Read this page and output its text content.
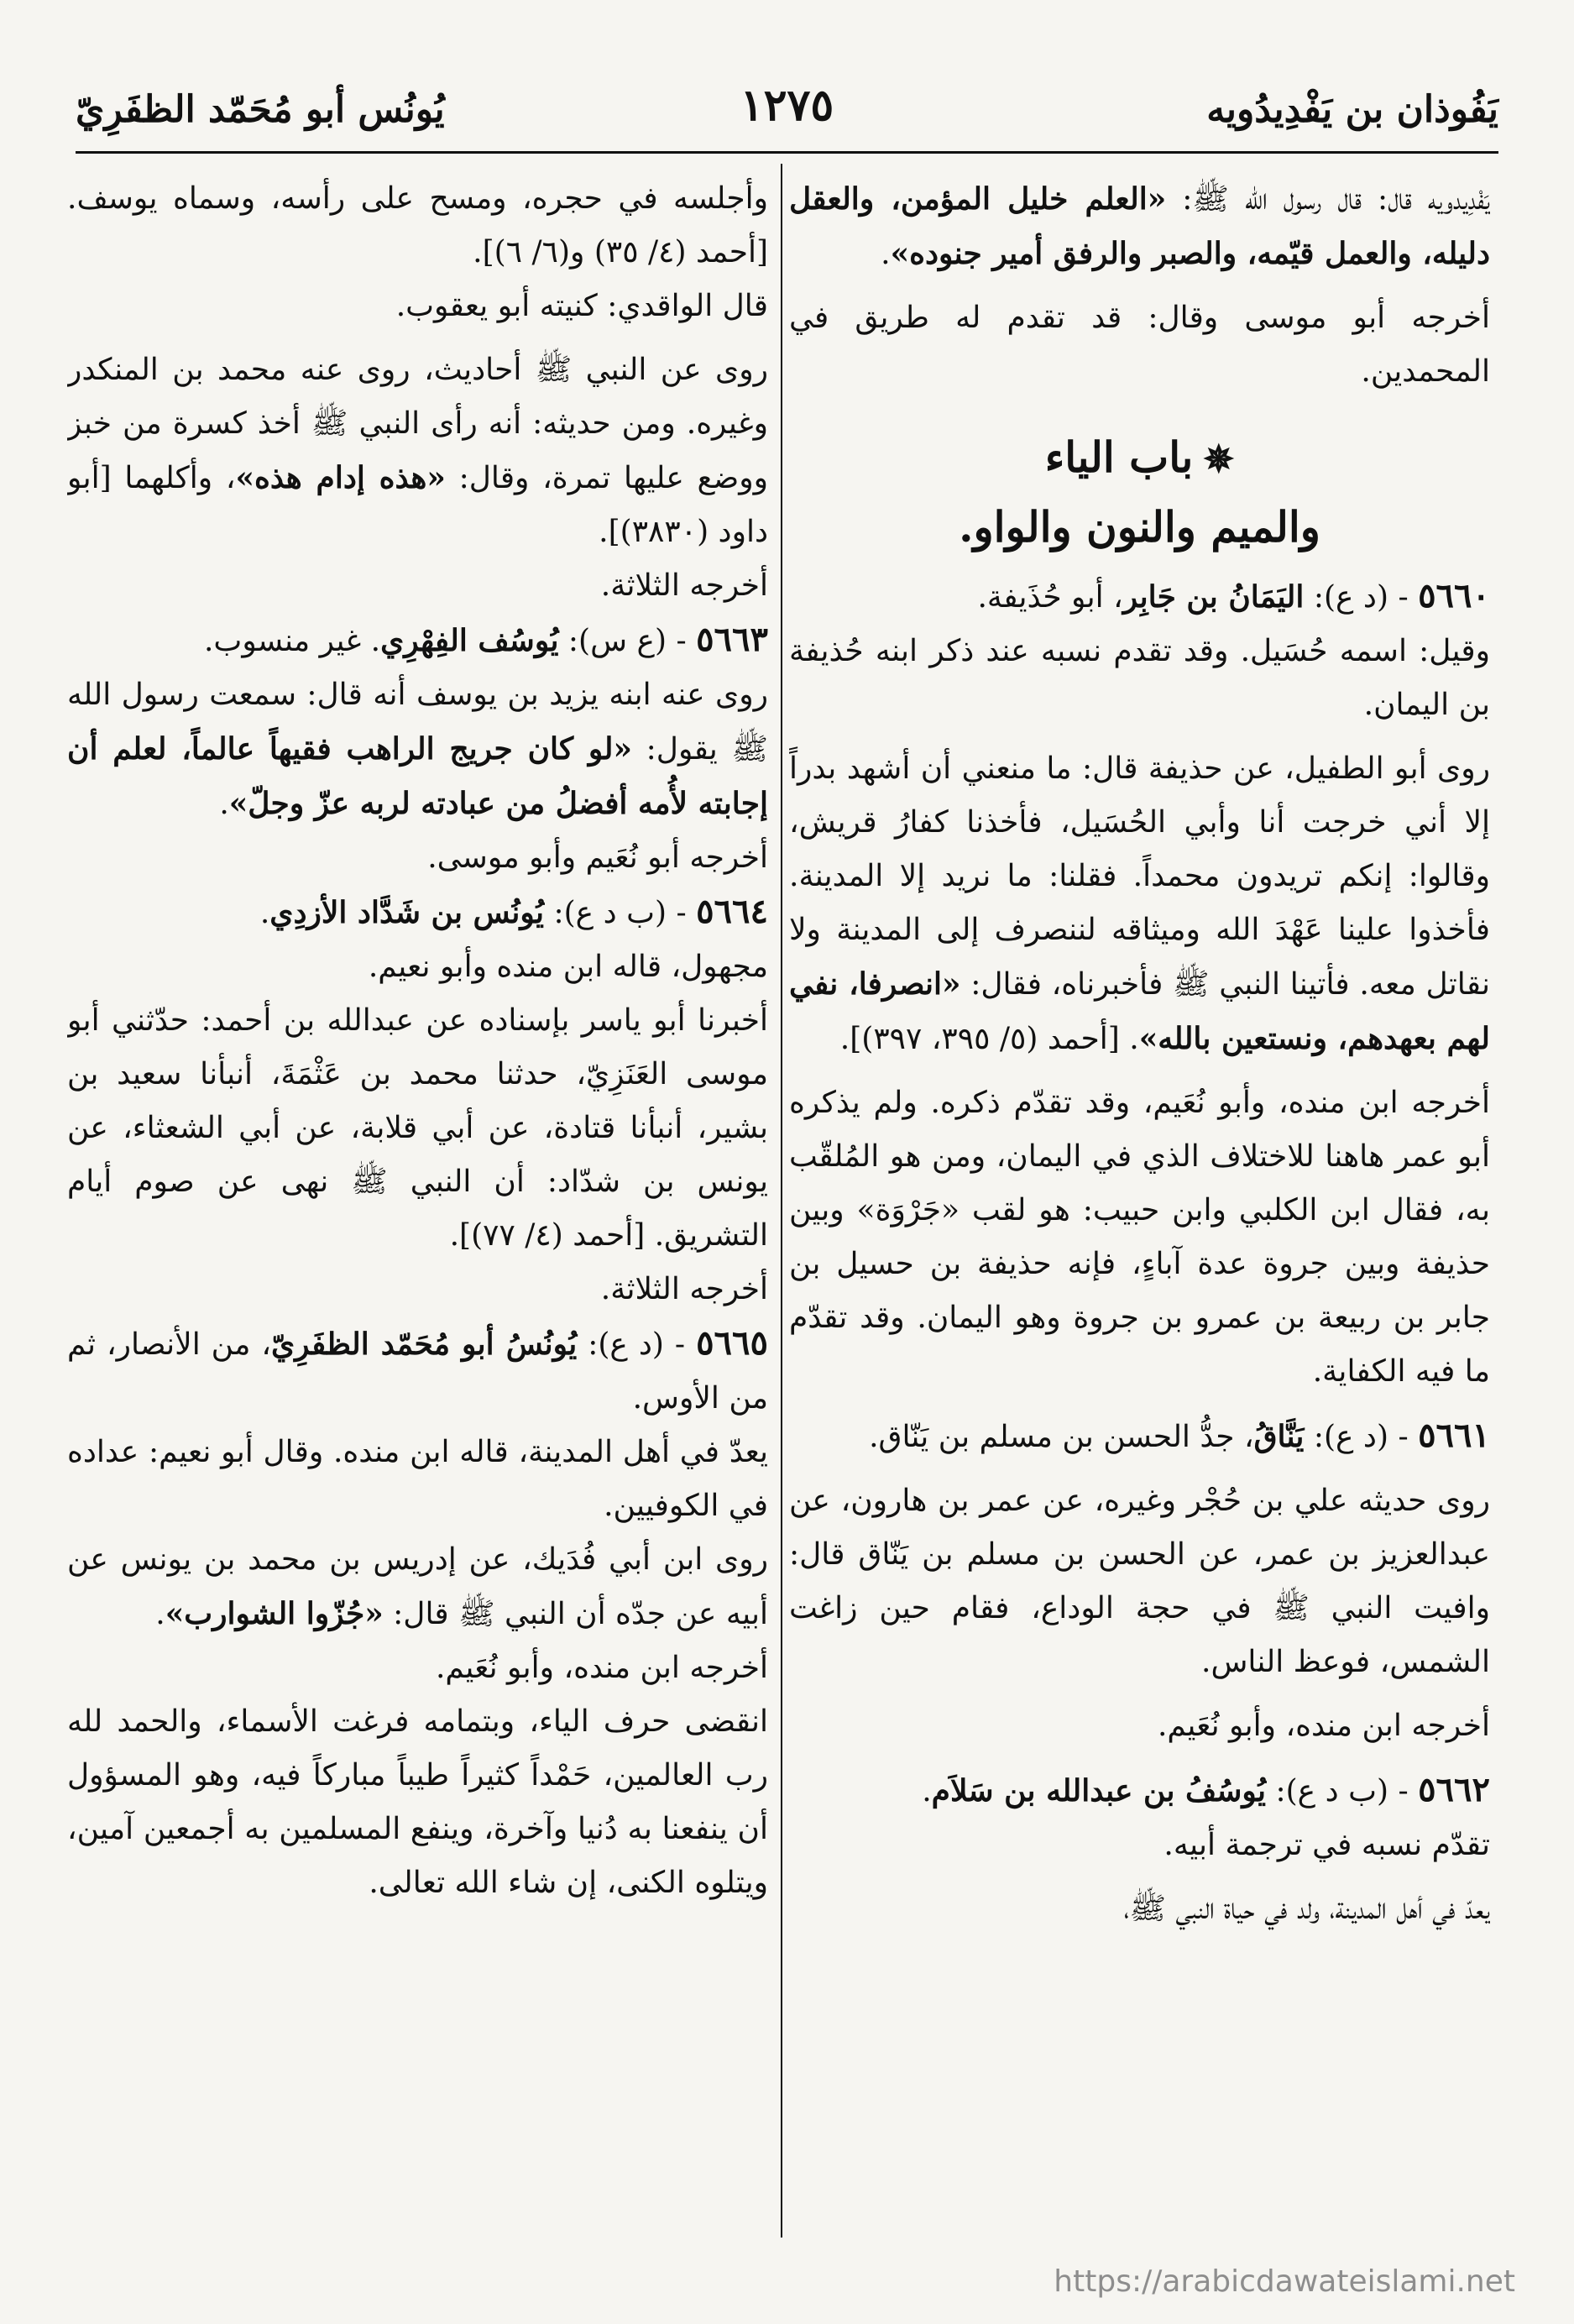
يَفُوذان بن يَفْدِيدُويه
١٢٧٥
يُونُس أبو مُحَمّد الظفَرِيّ

يَفْدِيدويه قال: قال رسول الله ﷺ: «العلم خليل المؤمن، والعقل دليله، والعمل قيّمه، والصبر والرفق أمير جنوده».

أخرجه أبو موسى وقال: قد تقدم له طريق في المحمدين.

✵باب الياء
والميم والنون والواو.

٥٦٦٠ - (د ع): اليَمَانُ بن جَابِر، أبو حُذَيفة.

وقيل: اسمه حُسَيل. وقد تقدم نسبه عند ذكر ابنه حُذيفة بن اليمان.

روى أبو الطفيل، عن حذيفة قال: ما منعني أن أشهد بدراً إلا أني خرجت أنا وأبي الحُسَيل، فأخذنا كفارُ قريش، وقالوا: إنكم تريدون محمداً. فقلنا: ما نريد إلا المدينة. فأخذوا علينا عَهْدَ الله وميثاقه لننصرف إلى المدينة ولا نقاتل معه. فأتينا النبي ﷺ فأخبرناه، فقال: «انصرفا، نفي لهم بعهدهم، ونستعين بالله». [أحمد (٥/ ٣٩٥، ٣٩٧)].

أخرجه ابن منده، وأبو نُعَيم، وقد تقدّم ذكره. ولم يذكره أبو عمر هاهنا للاختلاف الذي في اليمان، ومن هو المُلقّب به، فقال ابن الكلبي وابن حبيب: هو لقب «جَرْوَة» وبين حذيفة وبين جروة عدة آباءٍ، فإنه حذيفة بن حسيل بن جابر بن ربيعة بن عمرو بن جروة وهو اليمان. وقد تقدّم ما فيه الكفاية.

٥٦٦١ - (د ع): يَنَّاقُ، جدُّ الحسن بن مسلم بن يَنّاق.

روى حديثه علي بن حُجْر وغيره، عن عمر بن هارون، عن عبدالعزيز بن عمر، عن الحسن بن مسلم بن يَنّاق قال: وافيت النبي ﷺ في حجة الوداع، فقام حين زاغت الشمس، فوعظ الناس.

أخرجه ابن منده، وأبو نُعَيم.

٥٦٦٢ - (ب د ع): يُوسُفُ بن عبدالله بن سَلاَم.

تقدّم نسبه في ترجمة أبيه.

يعدّ في أهل المدينة، ولد في حياة النبي ﷺ،

وأجلسه في حجره، ومسح على رأسه، وسماه يوسف. [أحمد (٤/ ٣٥) و(٦/ ٦)].

قال الواقدي: كنيته أبو يعقوب.

روى عن النبي ﷺ أحاديث، روى عنه محمد بن المنكدر وغيره. ومن حديثه: أنه رأى النبي ﷺ أخذ كسرة من خبز ووضع عليها تمرة، وقال: «هذه إدام هذه»، وأكلهما [أبو داود (٣٨٣٠)].

أخرجه الثلاثة.

٥٦٦٣ - (ع س): يُوسُف الفِهْرِي. غير منسوب.

روى عنه ابنه يزيد بن يوسف أنه قال: سمعت رسول الله ﷺ يقول: «لو كان جريج الراهب فقيهاً عالماً، لعلم أن إجابته لأُمه أفضلُ من عبادته لربه عزّ وجلّ».

أخرجه أبو نُعَيم وأبو موسى.

٥٦٦٤ - (ب د ع): يُونُس بن شَدَّاد الأزدِي.

مجهول، قاله ابن منده وأبو نعيم.

أخبرنا أبو ياسر بإسناده عن عبدالله بن أحمد: حدّثني أبو موسى العَنَزِيّ، حدثنا محمد بن عَثْمَةَ، أنبأنا سعيد بن بشير، أنبأنا قتادة، عن أبي قلابة، عن أبي الشعثاء، عن يونس بن شدّاد: أن النبي ﷺ نهى عن صوم أيام التشريق. [أحمد (٤/ ٧٧)].

أخرجه الثلاثة.

٥٦٦٥ - (د ع): يُونُسُ أبو مُحَمّد الظفَرِيّ، من الأنصار، ثم من الأوس.

يعدّ في أهل المدينة، قاله ابن منده. وقال أبو نعيم: عداده في الكوفيين.

روى ابن أبي فُدَيك، عن إدريس بن محمد بن يونس عن أبيه عن جدّه أن النبي ﷺ قال: «جُزّوا الشوارب».

أخرجه ابن منده، وأبو نُعَيم.

انقضى حرف الياء، وبتمامه فرغت الأسماء، والحمد لله رب العالمين، حَمْداً كثيراً طيباً مباركاً فيه، وهو المسؤول أن ينفعنا به دُنيا وآخرة، وينفع المسلمين به أجمعين آمين، ويتلوه الكنى، إن شاء الله تعالى.

https://arabicdawateislami.net
